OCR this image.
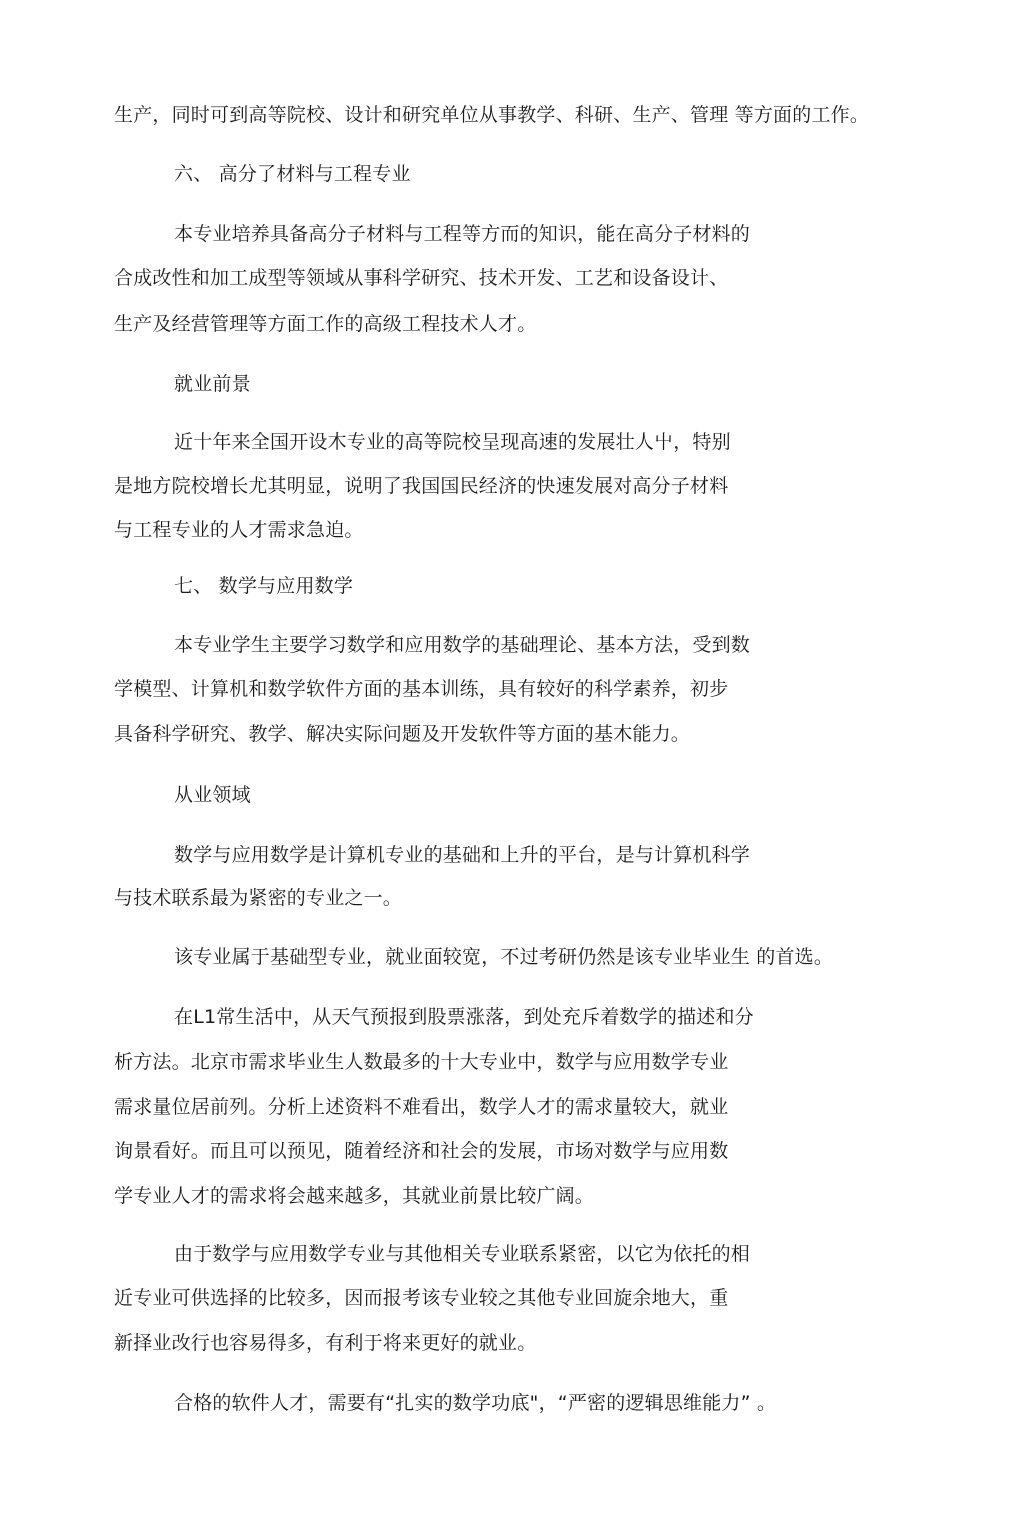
生产，同时可到高等院校、设计和研究单位从事教学、科研、生产、管理 等方面的工作。
六、 高分了材料与工程专业
本专业培养具备高分子材料与工程等方而的知识，能在高分子材料的
合成改性和加工成型等领域从事科学研究、技术开发、工艺和设备设计、
生产及经营管理等方面工作的高级工程技术人才。
就业前景
近十年来全国开设木专业的高等院校呈现高速的发展壮人屮，特别
是地方院校增长尤其明显，说明了我国国民经济的快速发展对高分子材料
与工程专业的人才需求急迫。
七、 数学与应用数学
本专业学生主要学习数学和应用数学的基础理论、基本方法，受到数
学模型、计算机和数学软件方面的基本训练，具有较好的科学素养，初步
具备科学研究、教学、解决实际问题及开发软件等方面的基木能力。
从业领域
数学与应用数学是计算机专业的基础和上升的平台，是与计算机科学
与技术联系最为紧密的专业之一。
该专业属于基础型专业，就业面较宽，不过考研仍然是该专业毕业生 的首选。
在L1常生活中，从天气预报到股票涨落，到处充斥着数学的描述和分
析方法。北京市需求毕业生人数最多的十大专业中，数学与应用数学专业
需求量位居前列。分析上述资料不难看出，数学人才的需求量较大，就业
询景看好。而且可以预见，随着经济和社会的发展，市场对数学与应用数
学专业人才的需求将会越来越多，其就业前景比较广阔。
由于数学与应用数学专业与其他相关专业联系紧密，以它为依托的相
近专业可供选择的比较多，因而报考该专业较之其他专业回旋余地大，重
新择业改行也容易得多，有利于将来更好的就业。
合格的软件人才，需要有“扎实的数学功底"，“严密的逻辑思维能力” 。
